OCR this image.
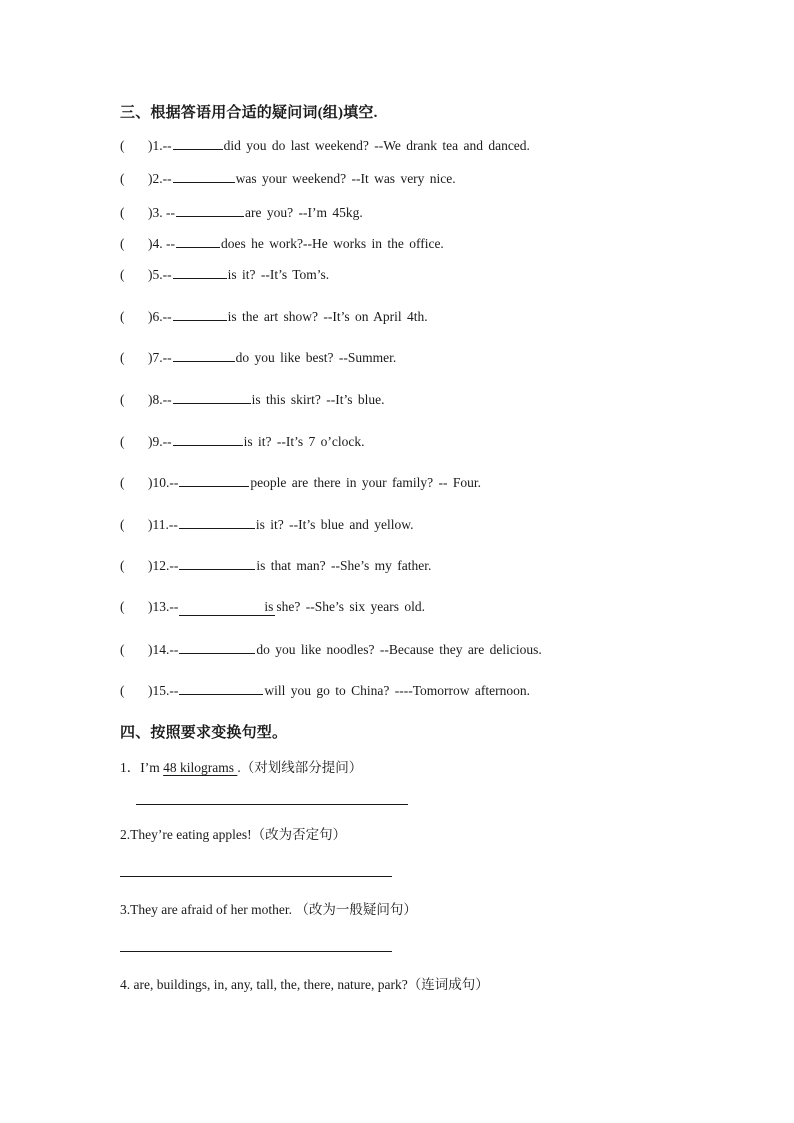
三、根据答语用合适的疑问词(组)填空.
(	)1.--	did you do last weekend? --We drank tea and danced.
(	)2.--	was your weekend? --It was very nice.
(	)3. --	are you? --I’m 45kg.
(	)4. --	does he work?--He works in the office.
(	)5.--	is it? --It’s Tom’s.
(	)6.--	is the art show? --It’s on April 4th.
(	)7.--	do you like best? --Summer.
(	)8.--	is this skirt? --It’s blue.
(	)9.--	is it? --It’s 7 o’clock.
(	)10.--	people are there in your family? -- Four.
(	)11.--	is it? --It’s blue and yellow.
(	)12.--	is that man? --She’s my father.
(	)13.--	is she? --She’s six years old.
(	)14.--	do you like noodles? --Because they are delicious.
(	)15.--	will you go to China? ----Tomorrow afternoon.
四、按照要求变换句型。
1．I’m 48 kilograms .（对划线部分提问）
2.They’re eating apples!（改为否定句）
3.They are afraid of her mother. （改为一般疑问句）
4. are, buildings, in, any, tall, the, there, nature, park?（连词成句）
